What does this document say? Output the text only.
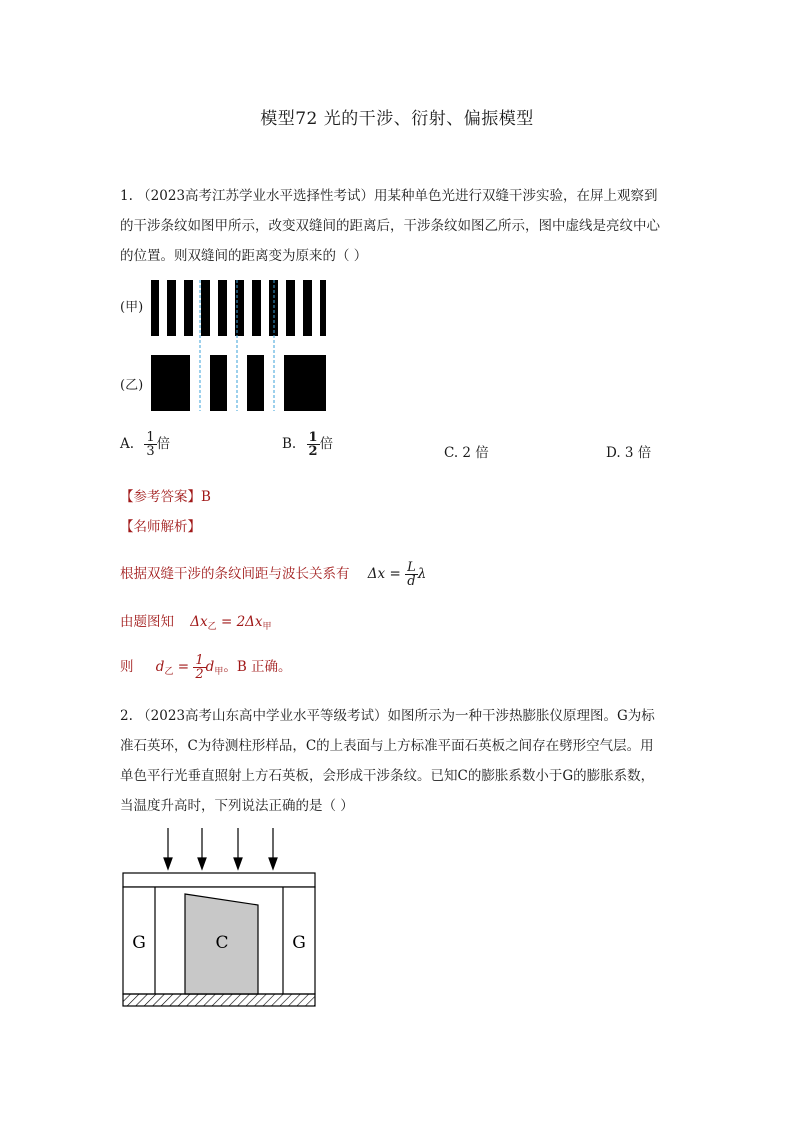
模型72 光的干涉、衍射、偏振模型
1. （2023高考江苏学业水平选择性考试）用某种单色光进行双缝干涉实验，在屏上观察到
的干涉条纹如图甲所示，改变双缝间的距离后，干涉条纹如图乙所示，图中虚线是亮纹中心
的位置。则双缝间的距离变为原来的（ ）
(甲)
(乙)
A. $\frac{1}{3}$ 倍	B. $\frac{1}{2}$ 倍
C. 2 倍	D. 3 倍
【参考答案】B
【名师解析】
根据双缝干涉的条纹间距与波长关系有 $\Delta x = \frac{L}{d}$ λ
由题图知 $\Delta x_乙 = 2\Delta x_甲$
则 $d_乙 = \frac{1}{2} d_甲$。B 正确。
2. （2023高考山东高中学业水平等级考试）如图所示为一种干涉热膨胀仪原理图。G为标
准石英环，C为待测柱形样品，C的上表面与上方标准平面石英板之间存在劈形空气层。用
单色平行光垂直照射上方石英板，会形成干涉条纹。已知C的膨胀系数小于G的膨胀系数，
当温度升高时，下列说法正确的是（ ）
G	C	G
